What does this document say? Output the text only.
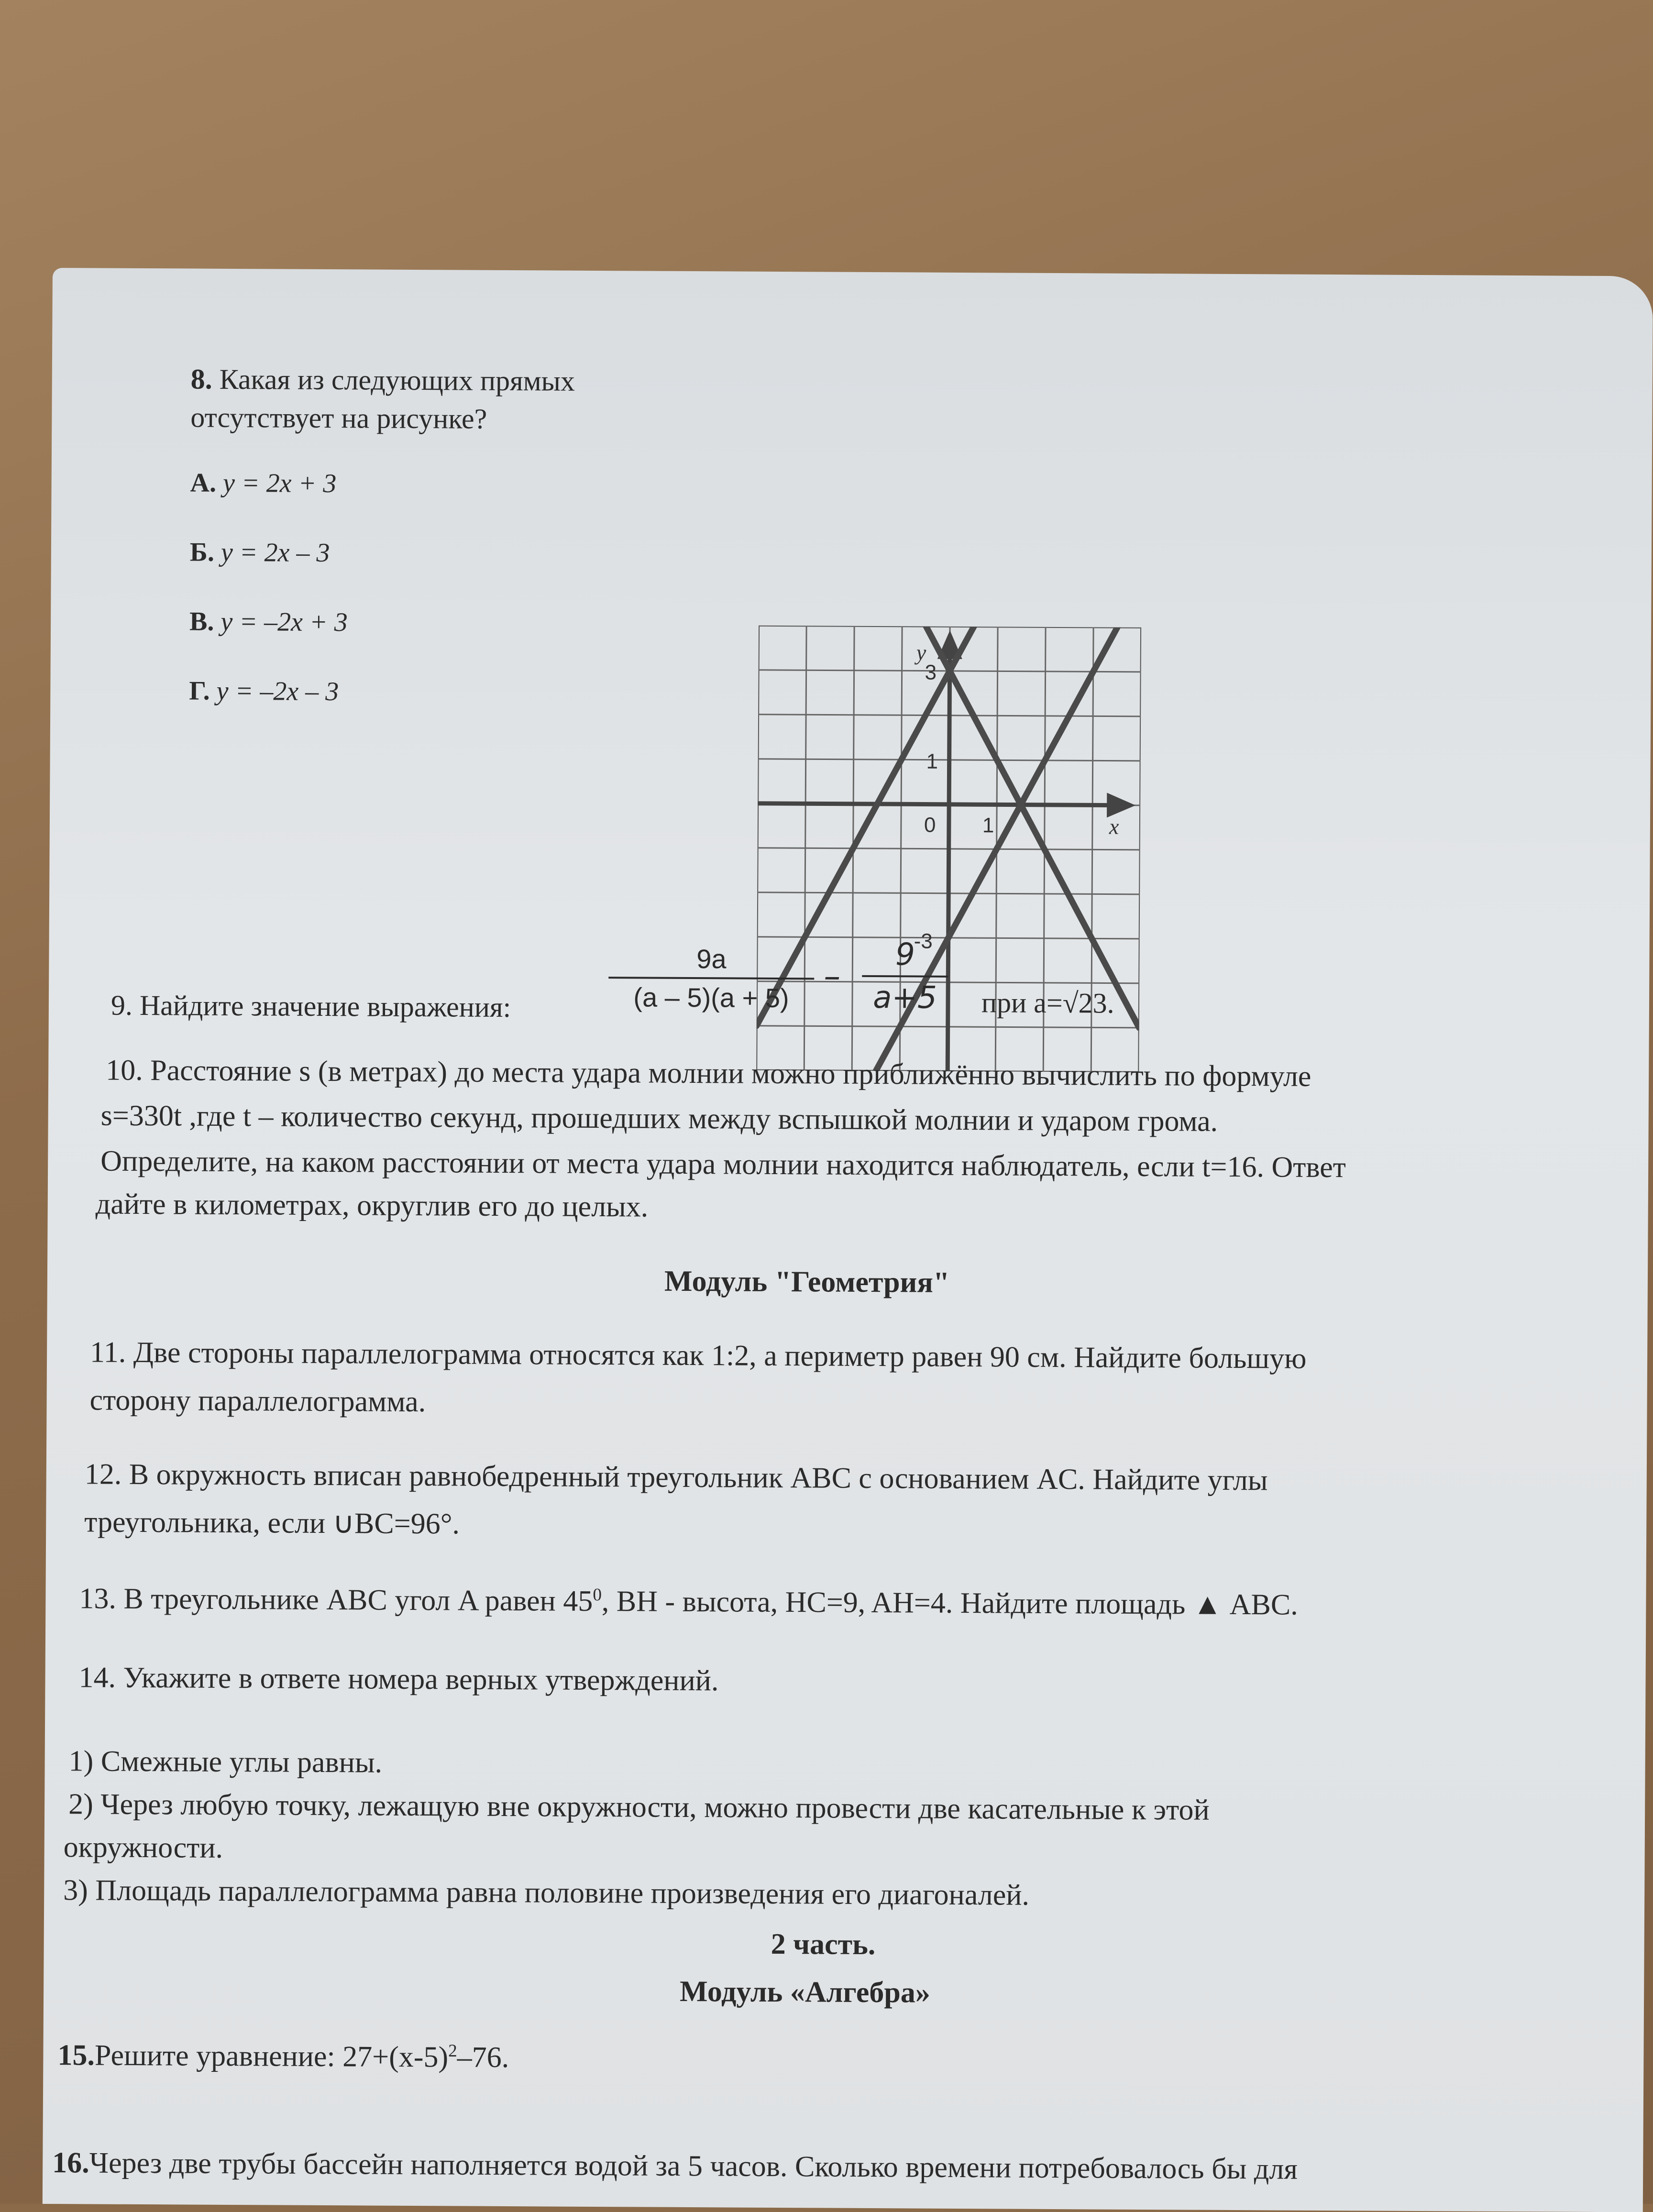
8. Какая из следующих прямых
отсутствует на рисунке?
А. y = 2x + 3
Б. y = 2x – 3
В. y = –2x + 3
Г. y = –2x – 3
3
1
0 1
-3
x
y
9. Найдите значение выражения:
9a
(a – 5)(a + 5)
–
9
a+5	при a=√23.
10. Расстояние s (в метрах) до места удара молнии можно приближённо вычислить по формуле
s=330t ,где t – количество секунд, прошедших между вспышкой молнии и ударом грома.
Определите, на каком расстоянии от места удара молнии находится наблюдатель, если t=16. Ответ
дайте в километрах, округлив его до целых.
Модуль "Геометрия"
11. Две стороны параллелограмма относятся как 1:2, а периметр равен 90 см. Найдите большую
сторону параллелограмма.
12. В окружность вписан равнобедренный треугольник ABC с основанием AC. Найдите углы
треугольника, если ∪BC=96°.
13. В треугольнике ABC угол A равен $45^0$, BH - высота, HC=9, AH=4. Найдите площадь ▲ ABC.
14. Укажите в ответе номера верных утверждений.
1) Смежные углы равны.
2) Через любую точку, лежащую вне окружности, можно провести две касательные к этой
окружности.
3) Площадь параллелограмма равна половине произведения его диагоналей.
2 часть.
Модуль «Алгебра»
15.Решите уравнение: $27+(x-5)^2-76$.
16.Через две трубы бассейн наполняется водой за 5 часов. Сколько времени потребовалось бы для
